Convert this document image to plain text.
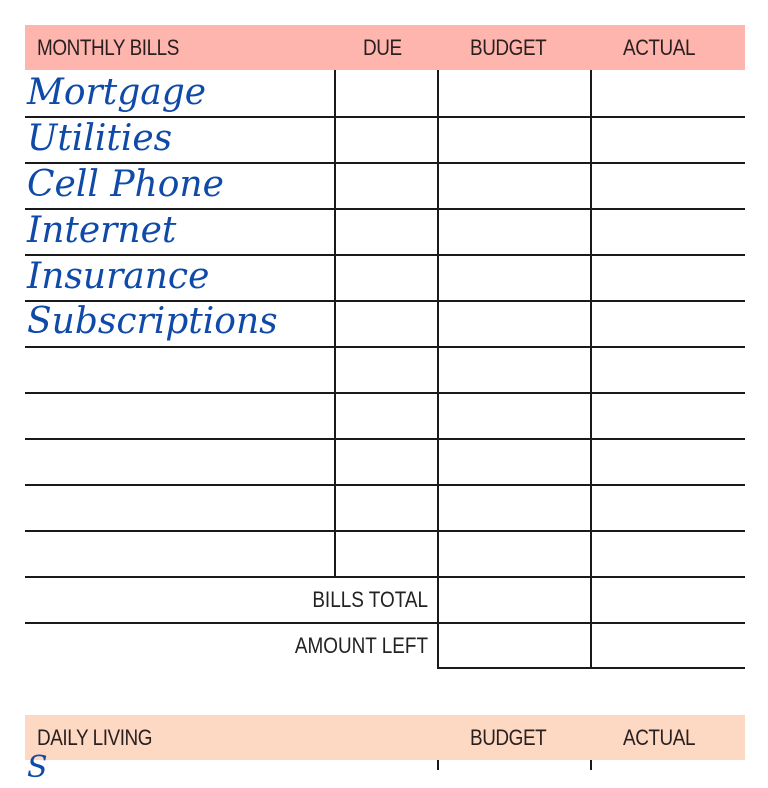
MONTHLY BILLS	DUE	BUDGET	ACTUAL
Mortgage
Utilities
Cell Phone
Internet
Insurance
Subscriptions
BILLS TOTAL
AMOUNT LEFT
DAILY LIVING	BUDGET	ACTUAL
S
